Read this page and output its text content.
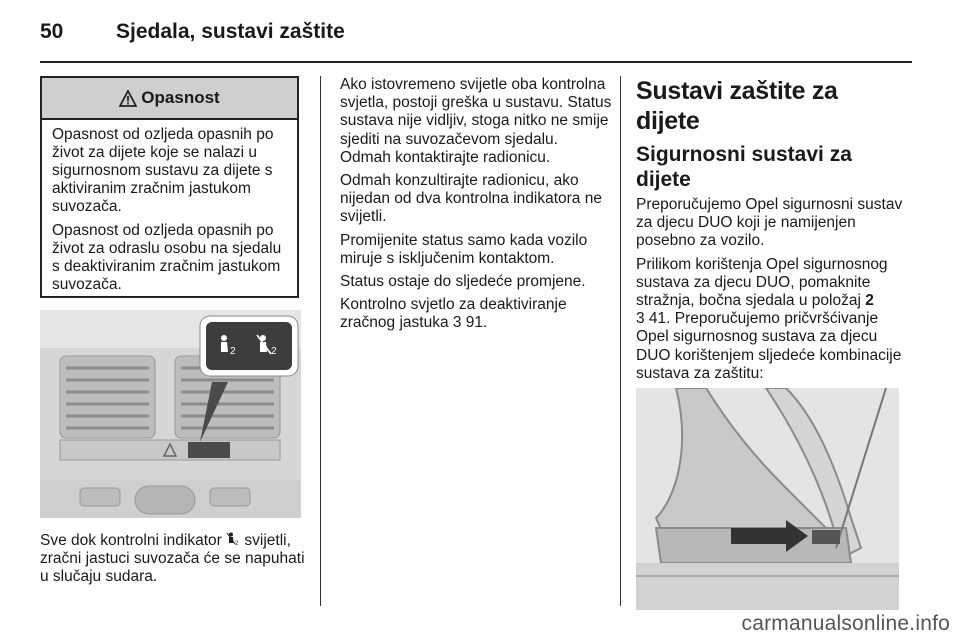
50	Sjedala, sustavi zaštite
Opasnost

Opasnost od ozljeda opasnih po život za dijete koje se nalazi u sigurnosnom sustavu za dijete s aktiviranim zračnim jastukom suvozača.

Opasnost od ozljeda opasnih po život za odraslu osobu na sjedalu s deaktiviranim zračnim jastukom suvozača.

2	2
Sve dok kontrolni indikator 2 svijetli, zračni jastuci suvozača će se napuhati u slučaju sudara.

Ako istovremeno svijetle oba kontrolna svjetla, postoji greška u sustavu. Status sustava nije vidljiv, stoga nitko ne smije sjediti na suvozačevom sjedalu. Odmah kontaktirajte radionicu.

Odmah konzultirajte radionicu, ako nijedan od dva kontrolna indikatora ne svijetli.

Promijenite status samo kada vozilo miruje s isključenim kontaktom.

Status ostaje do sljedeće promjene.

Kontrolno svjetlo za deaktiviranje zračnog jastuka 3 91.

Sustavi zaštite za dijete
Sigurnosni sustavi za dijete

Preporučujemo Opel sigurnosni sustav za djecu DUO koji je namijenjen posebno za vozilo.

Prilikom korištenja Opel sigurnosnog sustava za djecu DUO, pomaknite stražnja, bočna sjedala u položaj 2
3 41. Preporučujemo pričvršćivanje Opel sigurnosnog sustava za djecu DUO korištenjem sljedeće kombinacije sustava za zaštitu:

carmanualsonline.info
